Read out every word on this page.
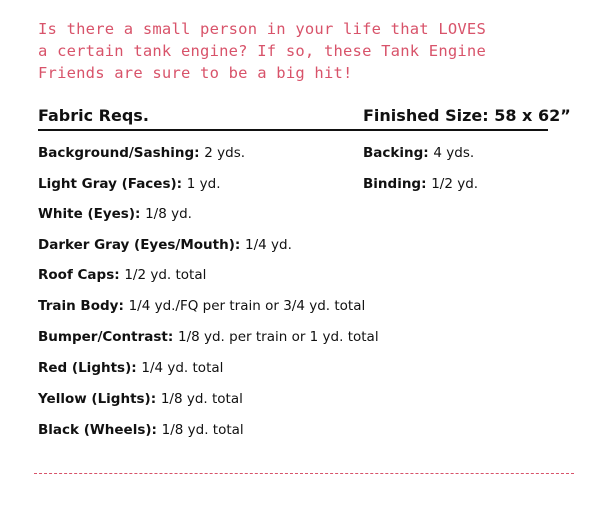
Is there a small person in your life that LOVES
a certain tank engine? If so, these Tank Engine
Friends are sure to be a big hit!
Fabric Reqs.	Finished Size: 58 x 62”
Background/Sashing: 2 yds.
Light Gray (Faces): 1 yd.
White (Eyes): 1/8 yd.
Darker Gray (Eyes/Mouth): 1/4 yd.
Roof Caps: 1/2 yd. total
Train Body: 1/4 yd./FQ per train or 3/4 yd. total
Bumper/Contrast: 1/8 yd. per train or 1 yd. total
Red (Lights): 1/4 yd. total
Yellow (Lights): 1/8 yd. total
Black (Wheels): 1/8 yd. total
Backing: 4 yds.
Binding: 1/2 yd.
